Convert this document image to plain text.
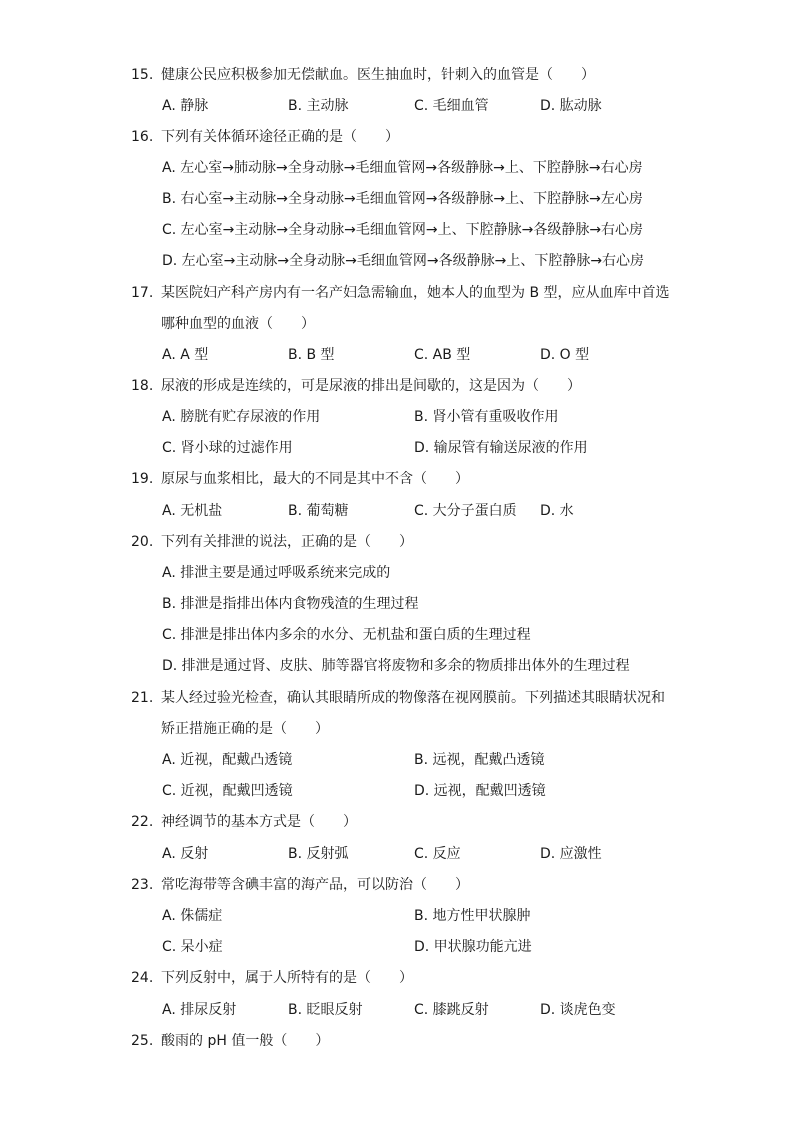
15. 健康公民应积极参加无偿献血。医生抽血时，针刺入的血管是（　　）
A. 静脉	B. 主动脉	C. 毛细血管	D. 肱动脉
16. 下列有关体循环途径正确的是（　　）
A. 左心室→肺动脉→全身动脉→毛细血管网→各级静脉→上、下腔静脉→右心房
B. 右心室→主动脉→全身动脉→毛细血管网→各级静脉→上、下腔静脉→左心房
C. 左心室→主动脉→全身动脉→毛细血管网→上、下腔静脉→各级静脉→右心房
D. 左心室→主动脉→全身动脉→毛细血管网→各级静脉→上、下腔静脉→右心房
17. 某医院妇产科产房内有一名产妇急需输血，她本人的血型为 B 型，应从血库中首选
哪种血型的血液（　　）
A. A 型	B. B 型	C. AB 型	D. O 型
18. 尿液的形成是连续的，可是尿液的排出是间歇的，这是因为（　　）
A. 膀胱有贮存尿液的作用	B. 肾小管有重吸收作用
C. 肾小球的过滤作用	D. 输尿管有输送尿液的作用
19. 原尿与血浆相比，最大的不同是其中不含（　　）
A. 无机盐	B. 葡萄糖	C. 大分子蛋白质 D. 水
20. 下列有关排泄的说法，正确的是（　　）
A. 排泄主要是通过呼吸系统来完成的
B. 排泄是指排出体内食物残渣的生理过程
C. 排泄是排出体内多余的水分、无机盐和蛋白质的生理过程
D. 排泄是通过肾、皮肤、肺等器官将废物和多余的物质排出体外的生理过程
21. 某人经过验光检查，确认其眼睛所成的物像落在视网膜前。下列描述其眼睛状况和
矫正措施正确的是（　　）
A. 近视，配戴凸透镜	B. 远视，配戴凸透镜
C. 近视，配戴凹透镜	D. 远视，配戴凹透镜
22. 神经调节的基本方式是（　　）
A. 反射	B. 反射弧	C. 反应	D. 应激性
23. 常吃海带等含碘丰富的海产品，可以防治（　　）
A. 侏儒症	B. 地方性甲状腺肿
C. 呆小症	D. 甲状腺功能亢进
24. 下列反射中，属于人所特有的是（　　）
A. 排尿反射	B. 眨眼反射	C. 膝跳反射	D. 谈虎色变
25. 酸雨的 pH 值一般（　　）
